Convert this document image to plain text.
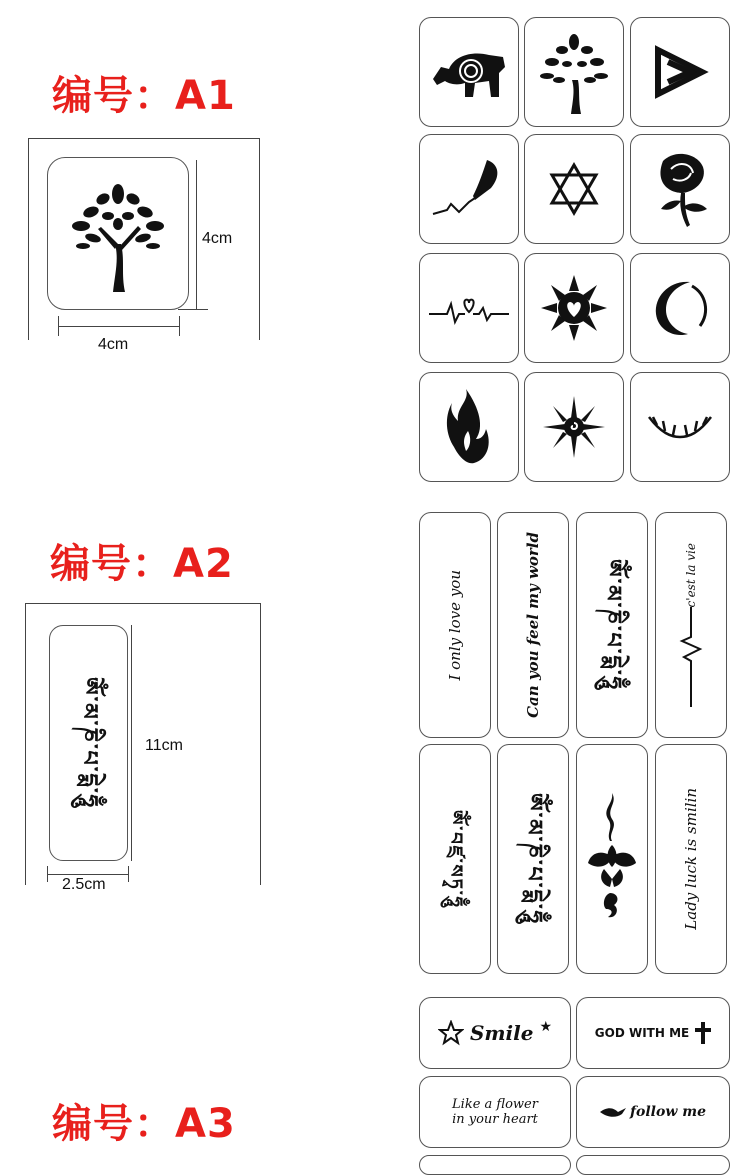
编号：A1
4cm
4cm
编号：A2
ༀ་མ་ཎི་པ་དྨེ་ཧཱུྃ	11cm
2.5cm
I only love you	Can you feel my world	ༀ་མ་ཎི་པ་དྨེ་ཧཱུྃ	c'est la vie
ཨོཾ་བཛྲ་སཏྭ་ཧཱུྃ	ༀ་མ་ཎི་པ་དྨེ་ཧཱུྃ	Lady luck is smilin
编号：A3
Smile ★	GOD WITH ME
Like a flower
in your heart	follow me
